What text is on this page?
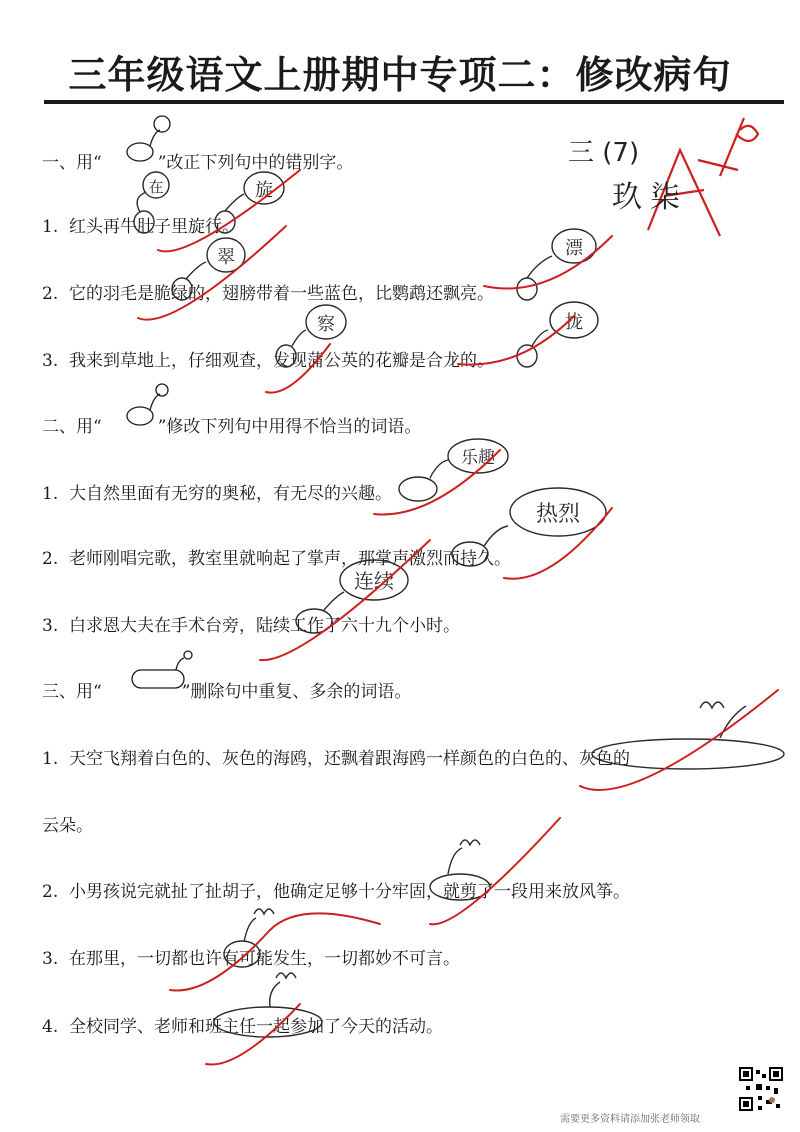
三年级语文上册期中专项二：修改病句
一、用“	”改正下列句中的错别字。
1. 红头再牛肚子里旋行。
2. 它的羽毛是脆绿的，翅膀带着一些蓝色，比鹦鹉还飘亮。
3. 我来到草地上，仔细观查，发现蒲公英的花瓣是合龙的。
二、用“	”修改下列句中用得不恰当的词语。
1. 大自然里面有无穷的奥秘，有无尽的兴趣。
2. 老师刚唱完歌，教室里就响起了掌声，那掌声激烈而持久。
3. 白求恩大夫在手术台旁，陆续工作了六十九个小时。
三、用“	”删除句中重复、多余的词语。
1. 天空飞翔着白色的、灰色的海鸥，还飘着跟海鸥一样颜色的白色的、灰色的
云朵。
2. 小男孩说完就扯了扯胡子，他确定足够十分牢固，就剪了一段用来放风筝。
3. 在那里，一切都也许有可能发生，一切都妙不可言。
4. 全校同学、老师和班主任一起参加了今天的活动。
在	旋
翠	漂
察	拢
乐趣
热烈
连续
三 (7)
玖柒
需要更多资料请添加张老师领取
